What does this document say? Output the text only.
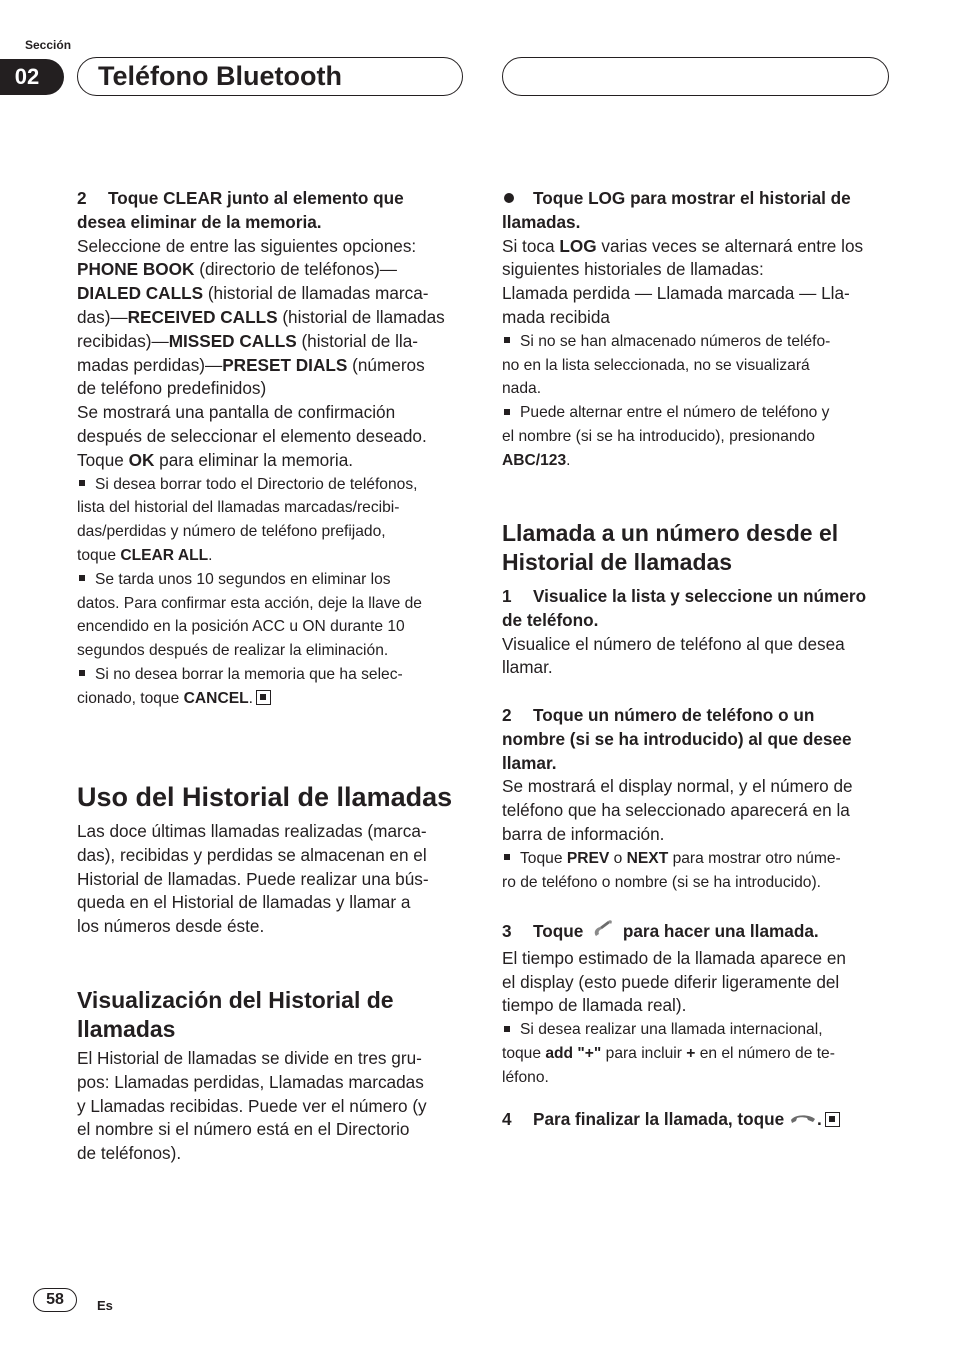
Sección
02	Teléfono Bluetooth

2 Toque CLEAR junto al elemento que

desea eliminar de la memoria.

Seleccione de entre las siguientes opciones:
PHONE BOOK (directorio de teléfonos)—
DIALED CALLS (historial de llamadas marca-
das)—RECEIVED CALLS (historial de llamadas
recibidas)—MISSED CALLS (historial de lla-
madas perdidas)—PRESET DIALS (números
de teléfono predefinidos)
Se mostrará una pantalla de confirmación
después de seleccionar el elemento deseado.
Toque OK para eliminar la memoria.

Si desea borrar todo el Directorio de teléfonos,
lista del historial del llamadas marcadas/recibi-
das/perdidas y número de teléfono prefijado,
toque CLEAR ALL.

Se tarda unos 10 segundos en eliminar los
datos. Para confirmar esta acción, deje la llave de
encendido en la posición ACC u ON durante 10
segundos después de realizar la eliminación.

Si no desea borrar la memoria que ha selec-
cionado, toque CANCEL.

Uso del Historial de llamadas

Las doce últimas llamadas realizadas (marca-
das), recibidas y perdidas se almacenan en el
Historial de llamadas. Puede realizar una bús-
queda en el Historial de llamadas y llamar a
los números desde éste.

Visualización del Historial de
llamadas

El Historial de llamadas se divide en tres gru-
pos: Llamadas perdidas, Llamadas marcadas
y Llamadas recibidas. Puede ver el número (y
el nombre si el número está en el Directorio
de teléfonos).

Toque LOG para mostrar el historial de
llamadas.

Si toca LOG varias veces se alternará entre los
siguientes historiales de llamadas:
Llamada perdida — Llamada marcada — Lla-
mada recibida

Si no se han almacenado números de teléfo-
no en la lista seleccionada, no se visualizará
nada.

Puede alternar entre el número de teléfono y
el nombre (si se ha introducido), presionando
ABC/123.

Llamada a un número desde el
Historial de llamadas

1 Visualice la lista y seleccione un número
de teléfono.

Visualice el número de teléfono al que desea
llamar.

2 Toque un número de teléfono o un
nombre (si se ha introducido) al que desee
llamar.

Se mostrará el display normal, y el número de
teléfono que ha seleccionado aparecerá en la
barra de información.

Toque PREV o NEXT para mostrar otro núme-
ro de teléfono o nombre (si se ha introducido).

3 Toque para hacer una llamada.

El tiempo estimado de la llamada aparece en
el display (esto puede diferir ligeramente del
tiempo de llamada real).

Si desea realizar una llamada internacional,
toque add "+" para incluir + en el número de te-
léfono.

4 Para finalizar la llamada, toque .

58	Es
